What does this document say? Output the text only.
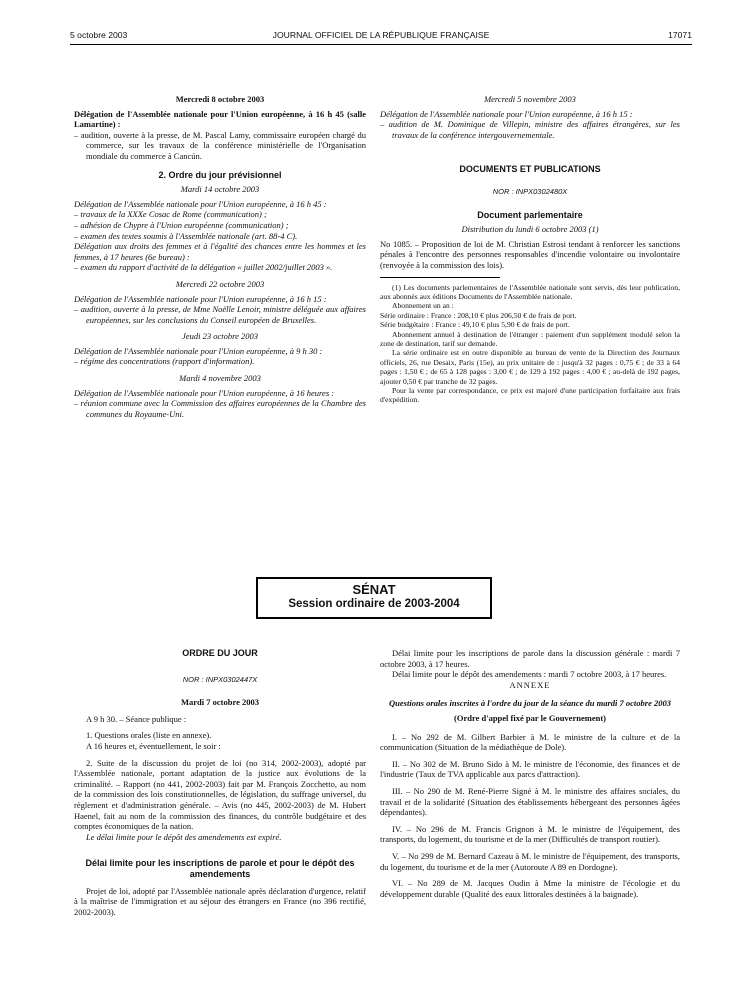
5 octobre 2003	JOURNAL OFFICIEL DE LA RÉPUBLIQUE FRANÇAISE	17071

Mercredi 8 octobre 2003

Délégation de l'Assemblée nationale pour l'Union européenne, à 16 h 45 (salle Lamartine) :

– audition, ouverte à la presse, de M. Pascal Lamy, commissaire européen chargé du commerce, sur les travaux de la conférence ministérielle de l'Organisation mondiale du commerce à Cancún.

2. Ordre du jour prévisionnel

Mardi 14 octobre 2003

Délégation de l'Assemblée nationale pour l'Union européenne, à 16 h 45 :

– travaux de la XXXe Cosac de Rome (communication) ;

– adhésion de Chypre à l'Union européenne (communication) ;

– examen des textes soumis à l'Assemblée nationale (art. 88-4 C).

Délégation aux droits des femmes et à l'égalité des chances entre les hommes et les femmes, à 17 heures (6e bureau) :

– examen du rapport d'activité de la délégation « juillet 2002/juillet 2003 ».

Mercredi 22 octobre 2003

Délégation de l'Assemblée nationale pour l'Union européenne, à 16 h 15 :

– audition, ouverte à la presse, de Mme Noëlle Lenoir, ministre déléguée aux affaires européennes, sur les conclusions du Conseil européen de Bruxelles.

Jeudi 23 octobre 2003

Délégation de l'Assemblée nationale pour l'Union européenne, à 9 h 30 :

– régime des concentrations (rapport d'information).

Mardi 4 novembre 2003

Délégation de l'Assemblée nationale pour l'Union européenne, à 16 heures :

– réunion commune avec la Commission des affaires européennes de la Chambre des communes du Royaume-Uni.

Mercredi 5 novembre 2003

Délégation de l'Assemblée nationale pour l'Union européenne, à 16 h 15 :

– audition de M. Dominique de Villepin, ministre des affaires étrangères, sur les travaux de la conférence intergouvernementale.

DOCUMENTS ET PUBLICATIONS

NOR : INPX0302480X

Document parlementaire

Distribution du lundi 6 octobre 2003 (1)

No 1085. – Proposition de loi de M. Christian Estrosi tendant à renforcer les sanctions pénales à l'encontre des personnes responsables d'incendie volontaire ou involontaire (renvoyée à la commission des lois).

(1) Les documents parlementaires de l'Assemblée nationale sont servis, dès leur publication, aux abonnés aux éditions Documents de l'Assemblée nationale.

Abonnement un an :

Série ordinaire : France : 208,10 € plus 206,50 € de frais de port.

Série budgétaire : France : 49,10 € plus 5,90 € de frais de port.

Abonnement annuel à destination de l'étranger : paiement d'un supplément modulé selon la zone de destination, tarif sur demande.

La série ordinaire est en outre disponible au bureau de vente de la Direction des Journaux officiels, 26, rue Desaix, Paris (15e), au prix unitaire de : jusqu'à 32 pages : 0,75 € ; de 33 à 64 pages : 1,50 € ; de 65 à 128 pages : 3,00 € ; de 129 à 192 pages : 4,00 € ; au-delà de 192 pages, ajouter 0,50 € par tranche de 32 pages.

Pour la vente par correspondance, ce prix est majoré d'une participation forfaitaire aux frais d'expédition.

SÉNAT
Session ordinaire de 2003-2004

ORDRE DU JOUR

NOR : INPX0302447X

Mardi 7 octobre 2003

A 9 h 30. – Séance publique :

1. Questions orales (liste en annexe).

A 16 heures et, éventuellement, le soir :

2. Suite de la discussion du projet de loi (no 314, 2002-2003), adopté par l'Assemblée nationale, portant adaptation de la justice aux évolutions de la criminalité. – Rapport (no 441, 2002-2003) fait par M. François Zocchetto, au nom de la commission des lois constitutionnelles, de législation, du suffrage universel, du règlement et d'administration générale. – Avis (no 445, 2002-2003) de M. Hubert Haenel, fait au nom de la commission des finances, du contrôle budgétaire et des comptes économiques de la nation.

Le délai limite pour le dépôt des amendements est expiré.

Délai limite pour les inscriptions de parole et pour le dépôt des amendements

Projet de loi, adopté par l'Assemblée nationale après déclaration d'urgence, relatif à la maîtrise de l'immigration et au séjour des étrangers en France (no 396 rectifié, 2002-2003).

Délai limite pour les inscriptions de parole dans la discussion générale : mardi 7 octobre 2003, à 17 heures.

Délai limite pour le dépôt des amendements : mardi 7 octobre 2003, à 17 heures.

ANNEXE

Questions orales inscrites à l'ordre du jour de la séance du mardi 7 octobre 2003

(Ordre d'appel fixé par le Gouvernement)

I. – No 292 de M. Gilbert Barbier à M. le ministre de la culture et de la communication (Situation de la médiathèque de Dole).

II. – No 302 de M. Bruno Sido à M. le ministre de l'économie, des finances et de l'industrie (Taux de TVA applicable aux parcs d'attraction).

III. – No 290 de M. René-Pierre Signé à M. le ministre des affaires sociales, du travail et de la solidarité (Situation des établissements hébergeant des personnes âgées dépendantes).

IV. – No 296 de M. Francis Grignon à M. le ministre de l'équipement, des transports, du logement, du tourisme et de la mer (Difficultés de transport routier).

V. – No 299 de M. Bernard Cazeau à M. le ministre de l'équipement, des transports, du logement, du tourisme et de la mer (Autoroute A 89 en Dordogne).

VI. – No 289 de M. Jacques Oudin à Mme la ministre de l'écologie et du développement durable (Qualité des eaux littorales destinées à la baignade).
